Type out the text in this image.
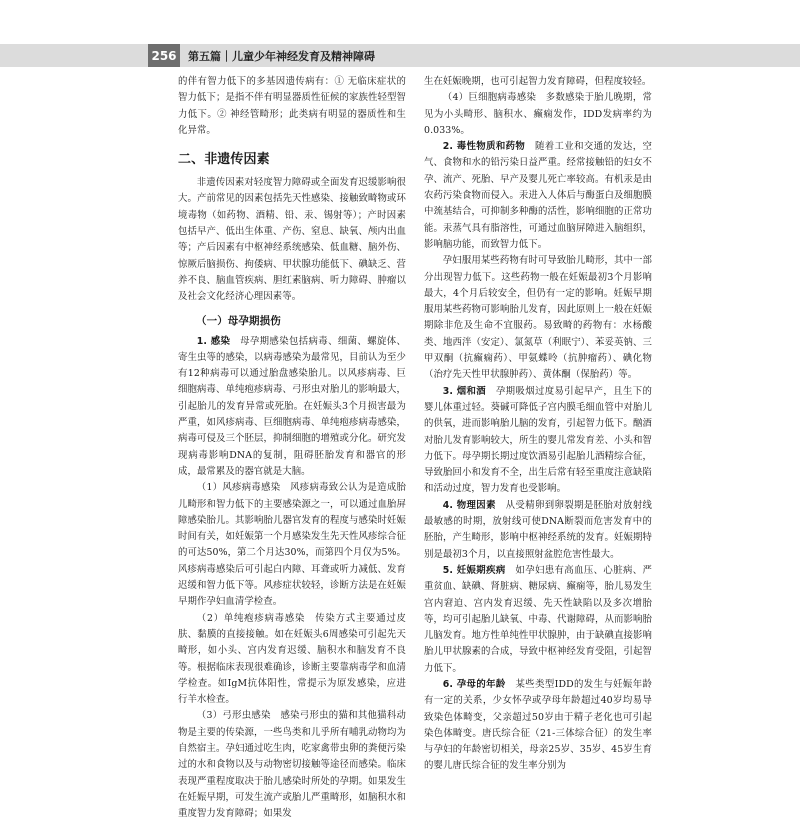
256	第五篇｜儿童少年神经发育及精神障碍

的伴有智力低下的多基因遗传病有：① 无临床症状的智力低下；是指不伴有明显器质性征候的家族性轻型智力低下。② 神经管畸形；此类病有明显的器质性和生化异常。

二、非遗传因素

非遗传因素对轻度智力障碍或全面发育迟缓影响很大。产前常见的因素包括先天性感染、接触致畸物或环境毒物（如药物、酒精、铅、汞、锡射等）；产时因素包括早产、低出生体重、产伤、窒息、缺氧、颅内出血等；产后因素有中枢神经系统感染、低血糖、脑外伤、惊厥后脑损伤、拘倭病、甲状腺功能低下、碘缺乏、营养不良、脑血管疾病、胆红素脑病、听力障碍、肿瘤以及社会文化经济心理因素等。

（一）母孕期损伤

1. 感染　 母孕期感染包括病毒、细菌、螺旋体、寄生虫等的感染，以病毒感染为最常见，目前认为至少有12种病毒可以通过胎盘感染胎儿。以风疹病毒、巨细胞病毒、单纯疱疹病毒、弓形虫对胎儿的影响最大，引起胎儿的发育异常或死胎。在妊娠头3个月损害最为严重，如风疹病毒、巨细胞病毒、单纯疱疹病毒感染，病毒可侵及三个胚层，抑制细胞的增殖或分化。研究发现病毒影响DNA的复制，阻碍胚胎发育和器官的形成，最常累及的器官就是大脑。

（1）风疹病毒感染　风疹病毒致公认为是造成胎儿畸形和智力低下的主要感染源之一，可以通过血胎屏障感染胎儿。其影响胎儿器官发育的程度与感染时妊娠时间有关，如妊娠第一个月感染发生先天性风疹综合征的可达50%，第二个月达30%，而第四个月仅为5%。风疹病毒感染后可引起白内障、耳聋或听力减低、发育迟缓和智力低下等。风疹症状较轻，诊断方法是在妊娠早期作孕妇血清学检查。

（2）单纯疱疹病毒感染　传染方式主要通过皮肤、黏膜的直接接触。如在妊娠头6周感染可引起先天畸形，如小头、宫内发育迟缓、脑积水和脑发育不良等。根据临床表现很难确诊，诊断主要靠病毒学和血清学检查。如IgM抗体阳性，常提示为原发感染，应进行羊水检查。

（3）弓形虫感染　感染弓形虫的猫和其他猫科动物是主要的传染源，一些鸟类和儿乎所有哺乳动物均为自然宿主。孕妇通过吃生肉，吃家禽带虫卵的粪便污染过的水和食物以及与动物密切接触等途径而感染。临床表现严重程度取决于胎儿感染时所处的孕期。如果发生在妊娠早期，可发生流产或胎儿严重畸形，如脑积水和重度智力发育障碍；如果发

生在妊娠晚期，也可引起智力发育障碍，但程度较轻。

（4）巨细胞病毒感染　多数感染于胎儿晚期，常见为小头畸形、脑积水、癫痫发作，IDD发病率约为0.033%。

2. 毒性物质和药物　 随着工业和交通的发达，空气、食物和水的铅污染日益严重。经常接触铅的妇女不孕、流产、死胎、早产及婴儿死亡率较高。有机汞是由农药污染食物而侵入。汞进入人体后与酶蛋白及细胞膜中巯基结合，可抑制多种酶的活性，影响细胞的正常功能。汞蒸气具有脂溶性，可通过血脑屏障进入脑组织，影响脑功能，而致智力低下。

孕妇服用某些药物有时可导致胎儿畸形，其中一部分出现智力低下。这些药物一般在妊娠最初3个月影响最大，4个月后较安全，但仍有一定的影响。妊娠早期服用某些药物可影响胎儿发育，因此原则上一般在妊娠期除非危及生命不宜服药。易致畸的药物有：水杨酸类、地西泮（安定）、氯氮草（利眠宁）、苯妥英钠、三甲双酮（抗癫痫药）、甲氨蝶呤（抗肿瘤药）、碘化物（治疗先天性甲状腺肿药）、黄体酮（保胎药）等。

3. 烟和酒　 孕期吸烟过度易引起早产，且生下的婴儿体重过轻。葵碱可降低子宫内膜毛细血管中对胎儿的供氧，进而影响胎儿脑的发育，引起智力低下。酗酒对胎儿发育影响较大，所生的婴儿常发育差、小头和智力低下。母孕期长期过度饮酒易引起胎儿酒精综合征，导致胎回小和发育不全，出生后常有轻至重度注意缺陷和活动过度，智力发育也受影响。

4. 物理因素　 从受精卵到卵裂期是胚胎对放射线最敏感的时期，放射线可使DNA断裂而危害发育中的胚胎，产生畸形，影响中枢神经系统的发育。妊娠期特别是最初3个月，以直接照射盆腔危害性最大。

5. 妊娠期疾病　 如孕妇患有高血压、心脏病、严重贫血、缺碘、肾脏病、糖尿病、癫痫等，胎儿易发生宫内窘迫、宫内发育迟缓、先天性缺陷以及多次增胎等，均可引起胎儿缺氧、中毒、代谢障碍，从而影响胎儿脑发育。地方性单纯性甲状腺肿，由于缺碘直接影响胎儿甲状腺素的合成，导致中枢神经发育受阻，引起智力低下。

6. 孕母的年龄　 某些类型IDD的发生与妊娠年龄有一定的关系，少女怀孕或孕母年龄超过40岁均易导致染色体畸变，父亲超过50岁由于精子老化也可引起染色体畸变。唐氏综合征（21-三体综合征）的发生率与孕妇的年龄密切相关，母亲25岁、35岁、45岁生育的婴儿唐氏综合征的发生率分别为
